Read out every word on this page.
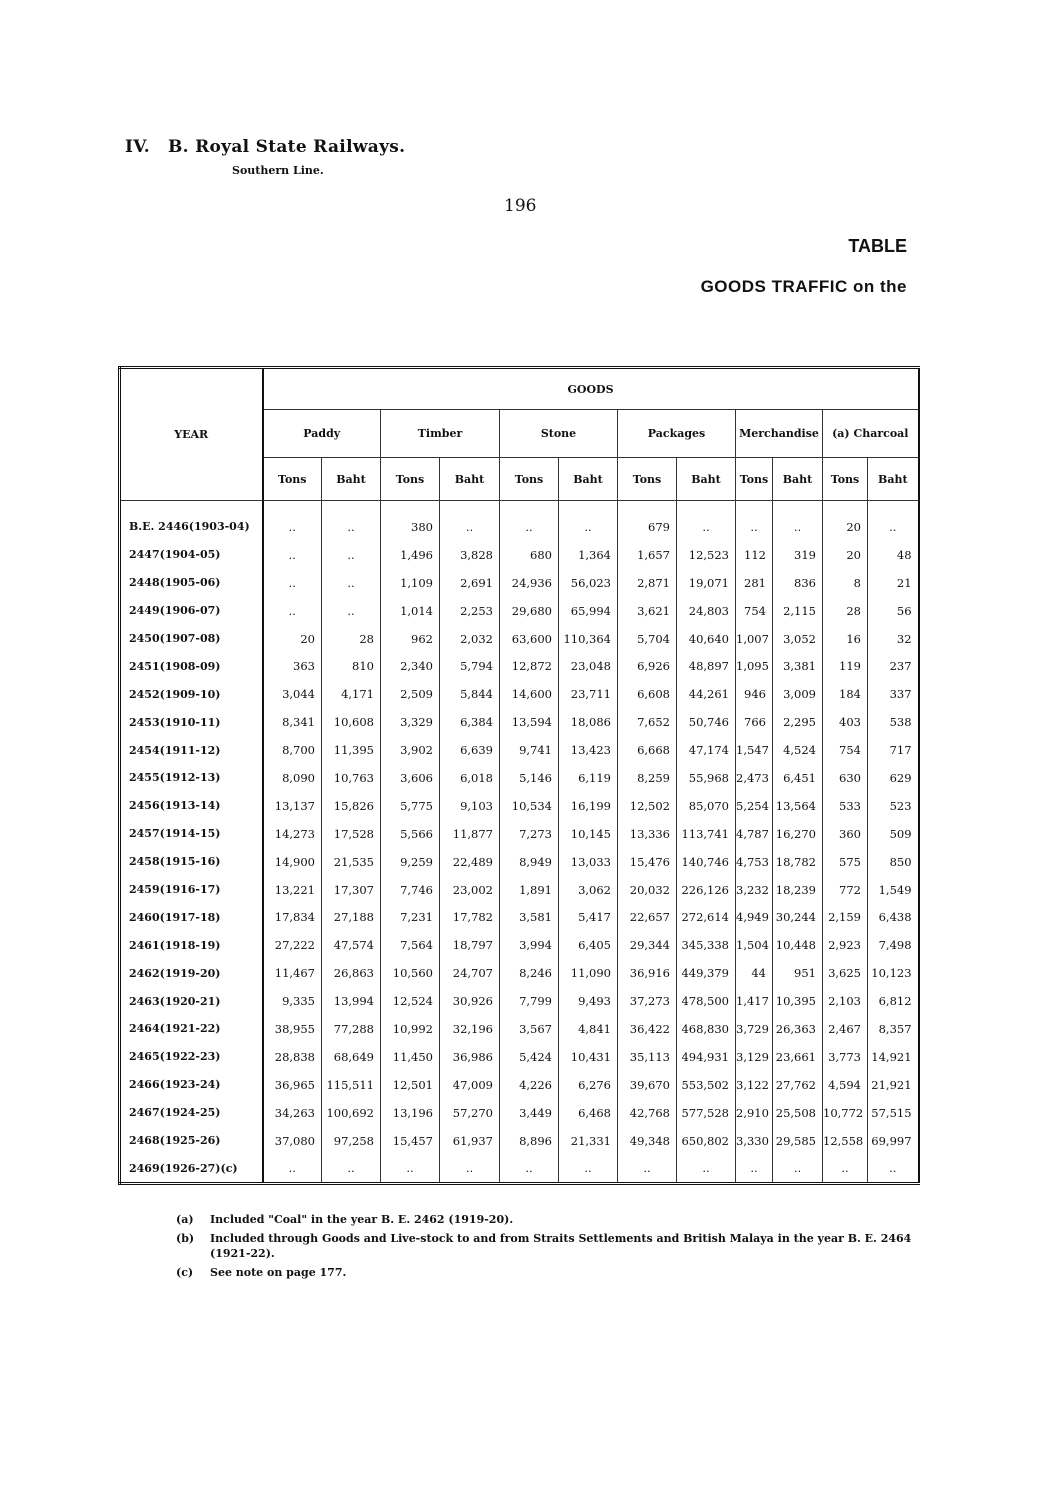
IV. B. Royal State Railways.
Southern Line.
196
TABLE
GOODS TRAFFIC on the
YEAR	GOODS											
	Paddy		Timber		Stone		Packages		Merchandise		(a) Charcoal	
	Tons	Baht	Tons	Baht	Tons	Baht	Tons	Baht	Tons	Baht	Tons	Baht
B.E. 2446(1903-04)	..	..	380	..	..	..	679	..	..	..	20	..
2447(1904-05)	..	..	1,496	3,828	680	1,364	1,657	12,523	112	319	20	48
2448(1905-06)	..	..	1,109	2,691	24,936	56,023	2,871	19,071	281	836	8	21
2449(1906-07)	..	..	1,014	2,253	29,680	65,994	3,621	24,803	754	2,115	28	56
2450(1907-08)	20	28	962	2,032	63,600	110,364	5,704	40,640	1,007	3,052	16	32
2451(1908-09)	363	810	2,340	5,794	12,872	23,048	6,926	48,897	1,095	3,381	119	237
2452(1909-10)	3,044	4,171	2,509	5,844	14,600	23,711	6,608	44,261	946	3,009	184	337
2453(1910-11)	8,341	10,608	3,329	6,384	13,594	18,086	7,652	50,746	766	2,295	403	538
2454(1911-12)	8,700	11,395	3,902	6,639	9,741	13,423	6,668	47,174	1,547	4,524	754	717
2455(1912-13)	8,090	10,763	3,606	6,018	5,146	6,119	8,259	55,968	2,473	6,451	630	629
2456(1913-14)	13,137	15,826	5,775	9,103	10,534	16,199	12,502	85,070	5,254	13,564	533	523
2457(1914-15)	14,273	17,528	5,566	11,877	7,273	10,145	13,336	113,741	4,787	16,270	360	509
2458(1915-16)	14,900	21,535	9,259	22,489	8,949	13,033	15,476	140,746	4,753	18,782	575	850
2459(1916-17)	13,221	17,307	7,746	23,002	1,891	3,062	20,032	226,126	3,232	18,239	772	1,549
2460(1917-18)	17,834	27,188	7,231	17,782	3,581	5,417	22,657	272,614	4,949	30,244	2,159	6,438
2461(1918-19)	27,222	47,574	7,564	18,797	3,994	6,405	29,344	345,338	1,504	10,448	2,923	7,498
2462(1919-20)	11,467	26,863	10,560	24,707	8,246	11,090	36,916	449,379	44	951	3,625	10,123
2463(1920-21)	9,335	13,994	12,524	30,926	7,799	9,493	37,273	478,500	1,417	10,395	2,103	6,812
2464(1921-22)	38,955	77,288	10,992	32,196	3,567	4,841	36,422	468,830	3,729	26,363	2,467	8,357
2465(1922-23)	28,838	68,649	11,450	36,986	5,424	10,431	35,113	494,931	3,129	23,661	3,773	14,921
2466(1923-24)	36,965	115,511	12,501	47,009	4,226	6,276	39,670	553,502	3,122	27,762	4,594	21,921
2467(1924-25)	34,263	100,692	13,196	57,270	3,449	6,468	42,768	577,528	2,910	25,508	10,772	57,515
2468(1925-26)	37,080	97,258	15,457	61,937	8,896	21,331	49,348	650,802	3,330	29,585	12,558	69,997
2469(1926-27)(c)	..	..	..	..	..	..	..	..	..	..	..	..
(a)	Included "Coal" in the year B. E. 2462 (1919-20).
(b)	Included through Goods and Live-stock to and from Straits Settlements and British Malaya in the year B. E. 2464 (1921-22).
(c)	See note on page 177.
